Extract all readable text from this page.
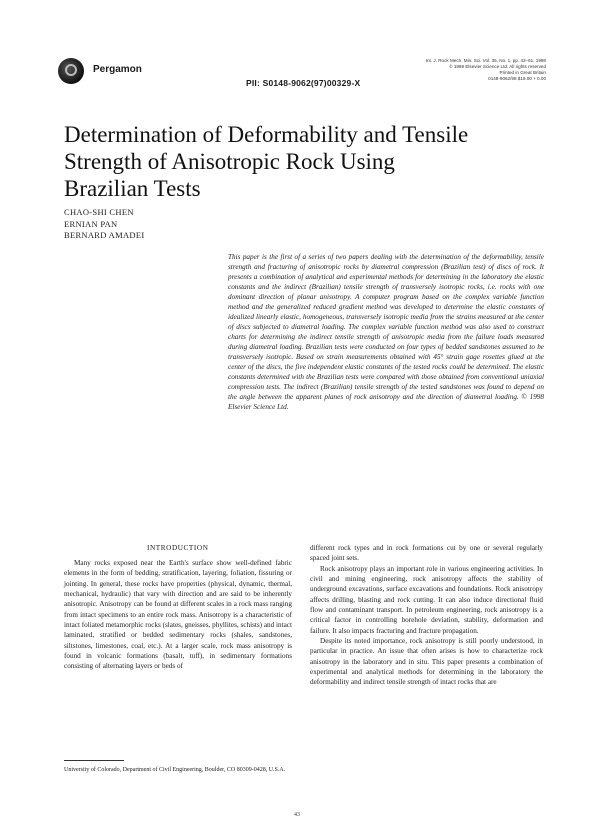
Pergamon
PII: S0148-9062(97)00329-X
Int. J. Rock Mech. Min. Sci. Vol. 35, No. 1, pp. 43–61, 1998
© 1998 Elsevier Science Ltd. All rights reserved
Printed in Great Britain
0148-9062/98 $19.00 + 0.00
Determination of Deformability and Tensile
Strength of Anisotropic Rock Using
Brazilian Tests
CHAO-SHI CHEN
ERNIAN PAN
BERNARD AMADEI
This paper is the first of a series of two papers dealing with the determination of the deformability, tensile strength and fracturing of anisotropic rocks by diametral compression (Brazilian test) of discs of rock. It presents a combination of analytical and experimental methods for determining in the laboratory the elastic constants and the indirect (Brazilian) tensile strength of transversely isotropic rocks, i.e. rocks with one dominant direction of planar anisotropy. A computer program based on the complex variable function method and the generalized reduced gradient method was developed to determine the elastic constants of idealized linearly elastic, homogeneous, transversely isotropic media from the strains measured at the center of discs subjected to diametral loading. The complex variable function method was also used to construct charts for determining the indirect tensile strength of anisotropic media from the failure loads measured during diametral loading. Brazilian tests were conducted on four types of bedded sandstones assumed to be transversely isotropic. Based on strain measurements obtained with 45° strain gage rosettes glued at the center of the discs, the five independent elastic constants of the tested rocks could be determined. The elastic constants determined with the Brazilian tests were compared with those obtained from conventional uniaxial compression tests. The indirect (Brazilian) tensile strength of the tested sandstones was found to depend on the angle between the apparent planes of rock anisotropy and the direction of diametral loading. © 1998 Elsevier Science Ltd.
INTRODUCTION

Many rocks exposed near the Earth's surface show well-defined fabric elements in the form of bedding, stratification, layering, foliation, fissuring or jointing. In general, these rocks have properties (physical, dynamic, thermal, mechanical, hydraulic) that vary with direction and are said to be inherently anisotropic. Anisotropy can be found at different scales in a rock mass ranging from intact specimens to an entire rock mass. Anisotropy is a characteristic of intact foliated metamorphic rocks (slates, gneisses, phyllites, schists) and intact laminated, stratified or bedded sedimentary rocks (shales, sandstones, siltstones, limestones, coal, etc.). At a larger scale, rock mass anisotropy is found in volcanic formations (basalt, tuff), in sedimentary formations consisting of alternating layers or beds of

different rock types and in rock formations cut by one or several regularly spaced joint sets.

Rock anisotropy plays an important role in various engineering activities. In civil and mining engineering, rock anisotropy affects the stability of underground excavations, surface excavations and foundations. Rock anisotropy affects drilling, blasting and rock cutting. It can also induce directional fluid flow and contaminant transport. In petroleum engineering, rock anisotropy is a critical factor in controlling borehole deviation, stability, deformation and failure. It also impacts fracturing and fracture propagation.

Despite its noted importance, rock anisotropy is still poorly understood, in particular in practice. An issue that often arises is how to characterize rock anisotropy in the laboratory and in situ. This paper presents a combination of experimental and analytical methods for determining in the laboratory the deformability and indirect tensile strength of intact rocks that are

University of Colorado, Department of Civil Engineering, Boulder, CO 80309-0428, U.S.A.
43
